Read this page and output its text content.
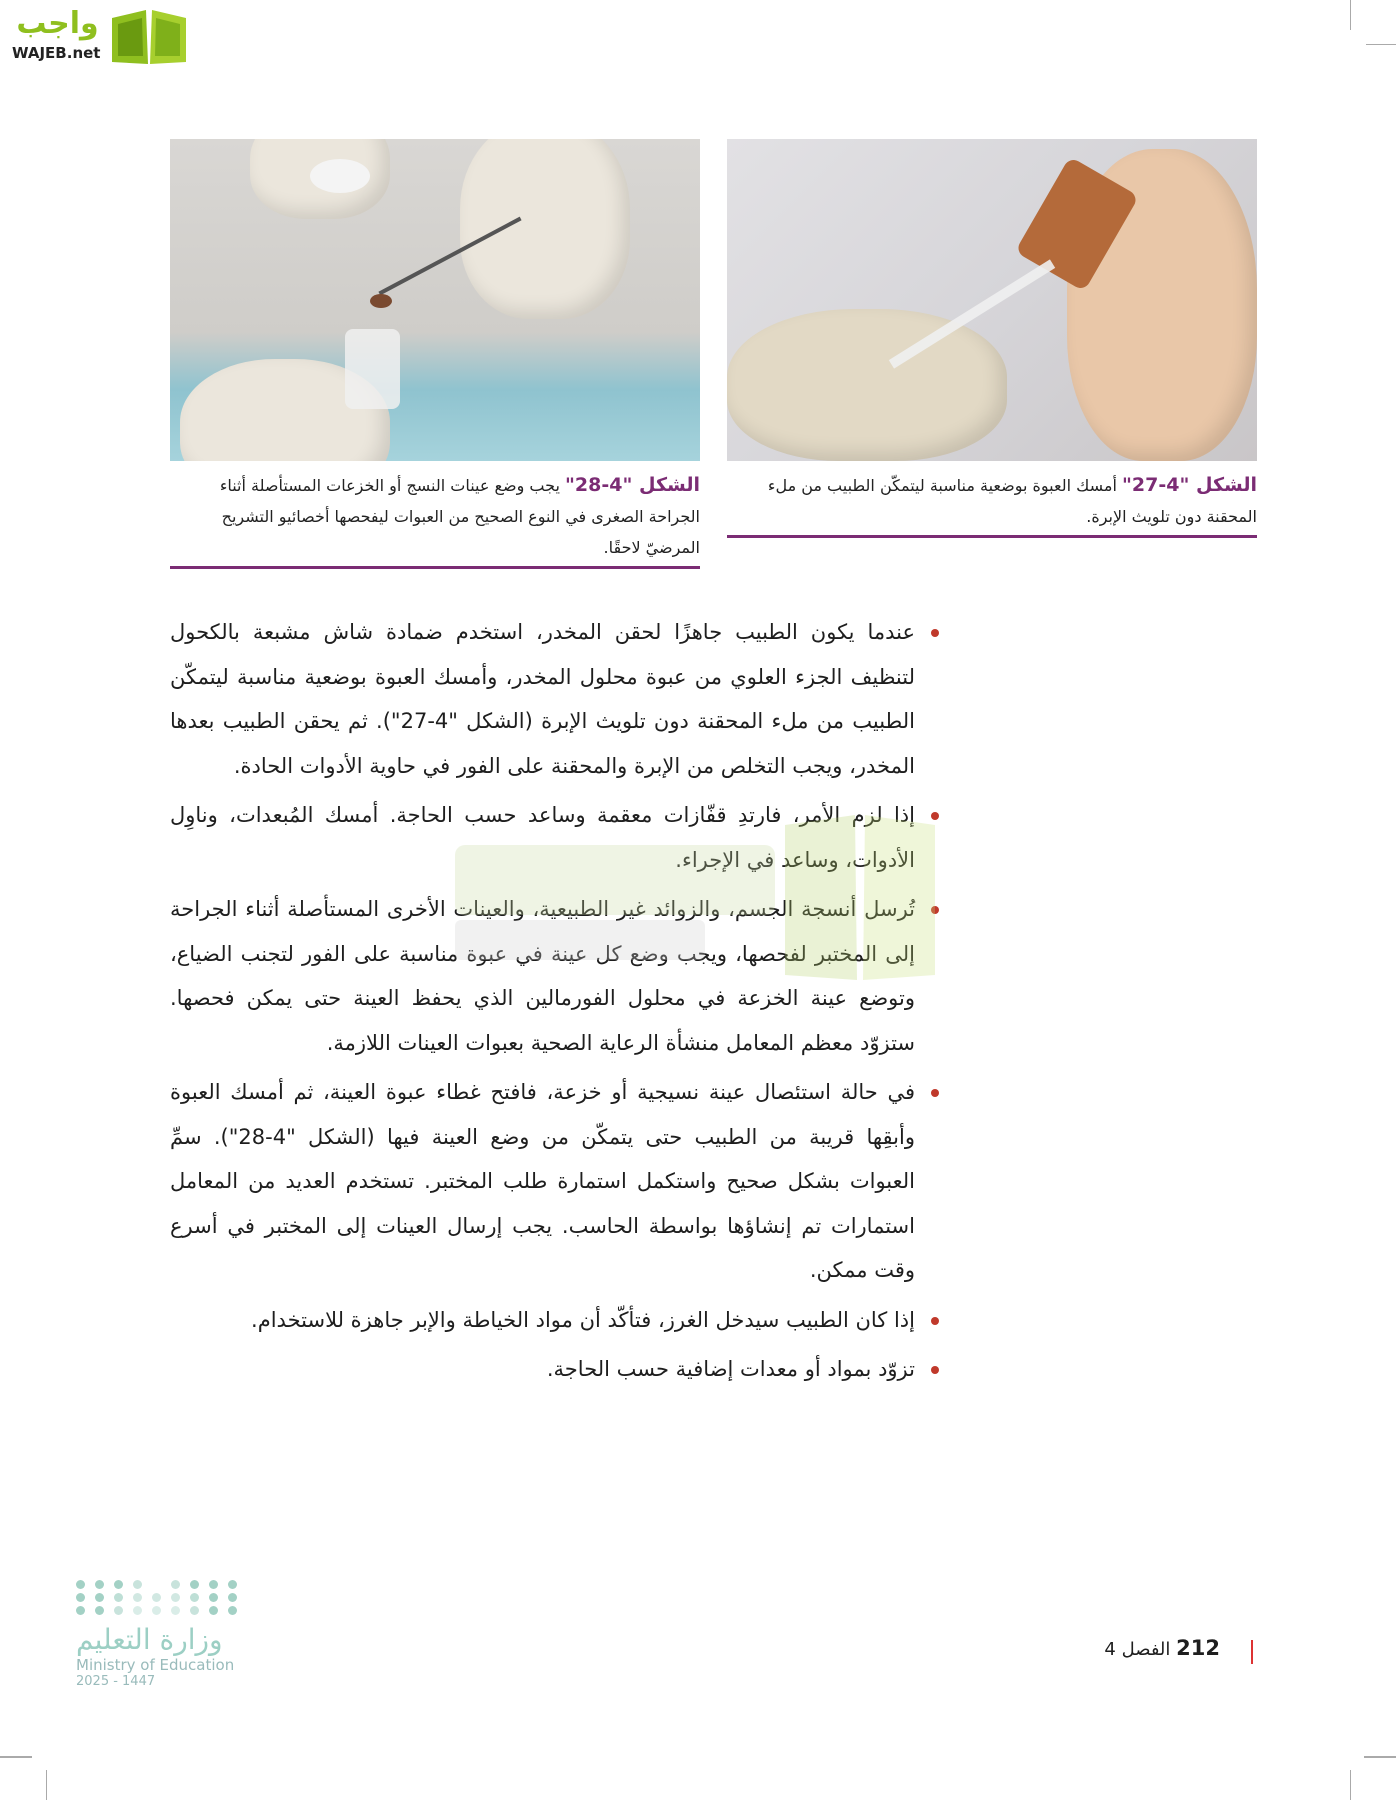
واجب
WAJEB.net
الشكل "4-28" يجب وضع عينات النسج أو الخزعات المستأصلة أثناء الجراحة الصغرى في النوع الصحيح من العبوات ليفحصها أخصائيو التشريح المرضيّ لاحقًا.
الشكل "4-27" أمسك العبوة بوضعية مناسبة ليتمكّن الطبيب من ملء المحقنة دون تلويث الإبرة.

عندما يكون الطبيب جاهزًا لحقن المخدر، استخدم ضمادة شاش مشبعة بالكحول لتنظيف الجزء العلوي من عبوة محلول المخدر، وأمسك العبوة بوضعية مناسبة ليتمكّن الطبيب من ملء المحقنة دون تلويث الإبرة (الشكل "4-27"). ثم يحقن الطبيب بعدها المخدر، ويجب التخلص من الإبرة والمحقنة على الفور في حاوية الأدوات الحادة.

إذا لزم الأمر، فارتدِ قفّازات معقمة وساعد حسب الحاجة. أمسك المُبعدات، وناوِل الأدوات، وساعد في الإجراء.

تُرسل أنسجة الجسم، والزوائد غير الطبيعية، والعينات الأخرى المستأصلة أثناء الجراحة إلى المختبر لفحصها، ويجب وضع كل عينة في عبوة مناسبة على الفور لتجنب الضياع، وتوضع عينة الخزعة في محلول الفورمالين الذي يحفظ العينة حتى يمكن فحصها. ستزوّد معظم المعامل منشأة الرعاية الصحية بعبوات العينات اللازمة.

في حالة استئصال عينة نسيجية أو خزعة، فافتح غطاء عبوة العينة، ثم أمسك العبوة وأبقِها قريبة من الطبيب حتى يتمكّن من وضع العينة فيها (الشكل "4-28"). سمِّ العبوات بشكل صحيح واستكمل استمارة طلب المختبر. تستخدم العديد من المعامل استمارات تم إنشاؤها بواسطة الحاسب. يجب إرسال العينات إلى المختبر في أسرع وقت ممكن.

إذا كان الطبيب سيدخل الغرز، فتأكّد أن مواد الخياطة والإبر جاهزة للاستخدام.

تزوّد بمواد أو معدات إضافية حسب الحاجة.

212 الفصل 4
وزارة التعليم
Ministry of Education
2025 - 1447
